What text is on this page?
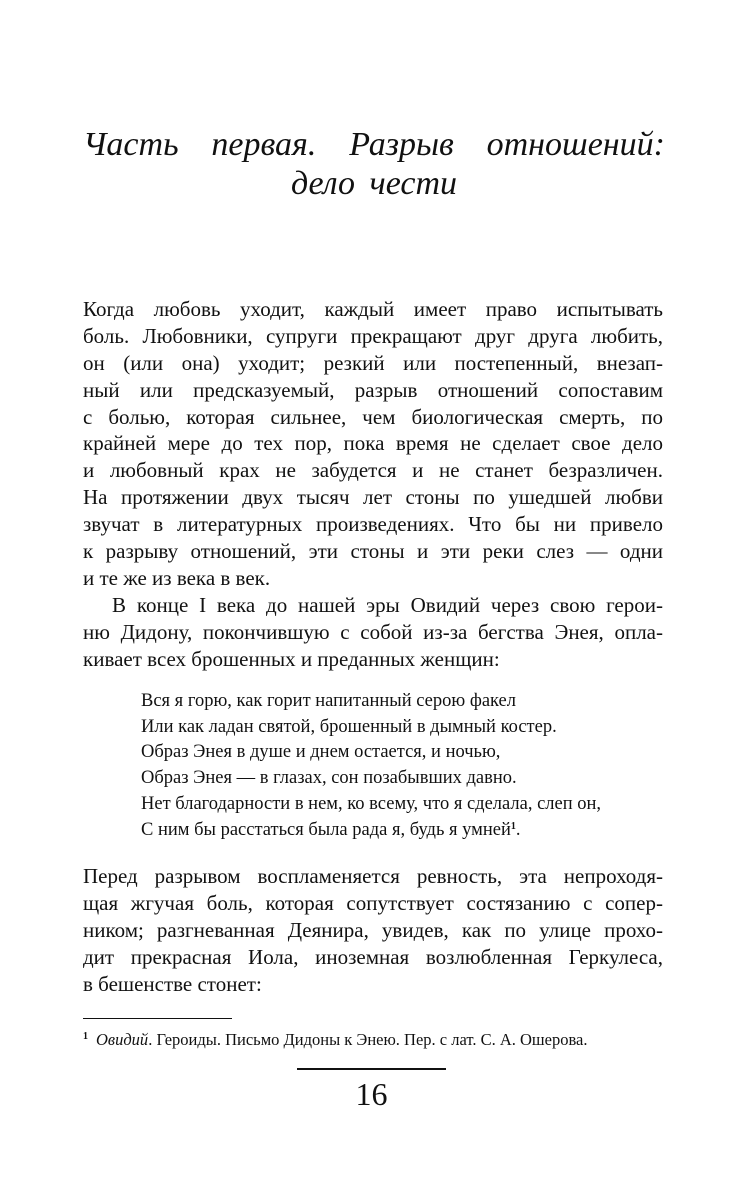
Часть первая. Разрыв отношений:
дело чести
Когда любовь уходит, каждый имеет право испытывать
боль. Любовники, супруги прекращают друг друга любить,
он (или она) уходит; резкий или постепенный, внезап-
ный или предсказуемый, разрыв отношений сопоставим
с болью, которая сильнее, чем биологическая смерть, по
крайней мере до тех пор, пока время не сделает свое дело
и любовный крах не забудется и не станет безразличен.
На протяжении двух тысяч лет стоны по ушедшей любви
звучат в литературных произведениях. Что бы ни привело
к разрыву отношений, эти стоны и эти реки слез — одни
и те же из века в век.
В конце I века до нашей эры Овидий через свою герои-
ню Дидону, покончившую с собой из-за бегства Энея, опла-
кивает всех брошенных и преданных женщин:
Вся я горю, как горит напитанный серою факел
Или как ладан святой, брошенный в дымный костер.
Образ Энея в душе и днем остается, и ночью,
Образ Энея — в глазах, сон позабывших давно.
Нет благодарности в нем, ко всему, что я сделала, слеп он,
С ним бы расстаться была рада я, будь я умней$^1$.
Перед разрывом воспламеняется ревность, эта непроходя-
щая жгучая боль, которая сопутствует состязанию с сопер-
ником; разгневанная Деянира, увидев, как по улице прохо-
дит прекрасная Иола, иноземная возлюбленная Геркулеса,
в бешенстве стонет:
$^1$ Овидий. Героиды. Письмо Дидоны к Энею. Пер. с лат. С. А. Ошерова.
16
